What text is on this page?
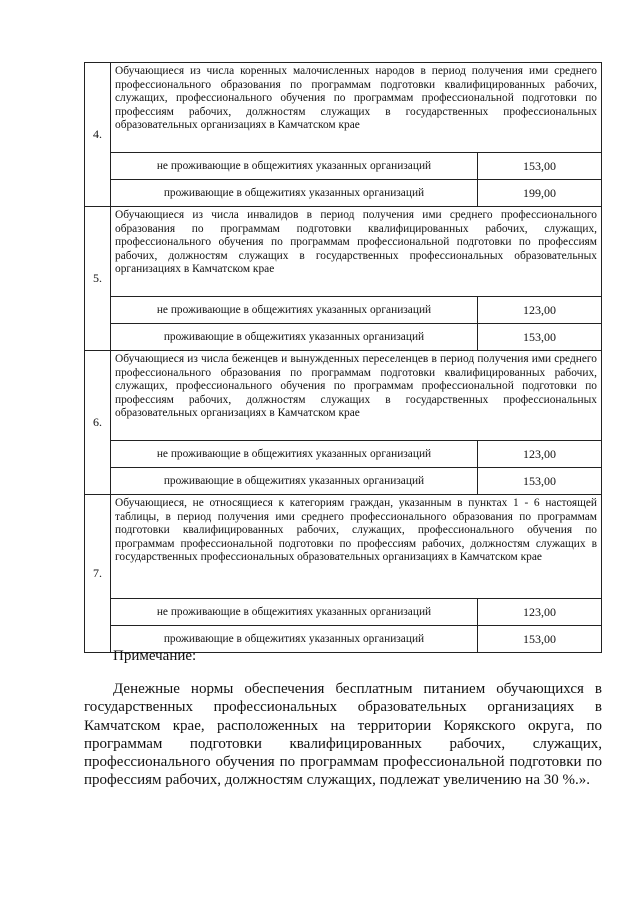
4.	Обучающиеся из числа коренных малочисленных народов в период получения ими среднего профессионального образования по программам подготовки квалифицированных рабочих, служащих, профессионального обучения по программам профессиональной подготовки по профессиям рабочих, должностям служащих в государственных профессиональных образовательных организациях в Камчатском крае	
	не проживающие в общежитиях указанных организаций	153,00
	проживающие в общежитиях указанных организаций	199,00
5.	Обучающиеся из числа инвалидов в период получения ими среднего профессионального образования по программам подготовки квалифицированных рабочих, служащих, профессионального обучения по программам профессиональной подготовки по профессиям рабочих, должностям служащих в государственных профессиональных образовательных организациях в Камчатском крае	
	не проживающие в общежитиях указанных организаций	123,00
	проживающие в общежитиях указанных организаций	153,00
6.	Обучающиеся из числа беженцев и вынужденных переселенцев в период получения ими среднего профессионального образования по программам подготовки квалифицированных рабочих, служащих, профессионального обучения по программам профессиональной подготовки по профессиям рабочих, должностям служащих в государственных профессиональных образовательных организациях в Камчатском крае	
	не проживающие в общежитиях указанных организаций	123,00
	проживающие в общежитиях указанных организаций	153,00
7.	Обучающиеся, не относящиеся к категориям граждан, указанным в пунктах 1 - 6 настоящей таблицы, в период получения ими среднего профессионального образования по программам подготовки квалифицированных рабочих, служащих, профессионального обучения по программам профессиональной подготовки по профессиям рабочих, должностям служащих в государственных профессиональных образовательных организациях в Камчатском крае	
	не проживающие в общежитиях указанных организаций	123,00
	проживающие в общежитиях указанных организаций	153,00
Примечание:
Денежные нормы обеспечения бесплатным питанием обучающихся в государственных профессиональных образовательных организациях в Камчатском крае, расположенных на территории Корякского округа, по программам подготовки квалифицированных рабочих, служащих, профессионального обучения по программам профессиональной подготовки по профессиям рабочих, должностям служащих, подлежат увеличению на 30 %.».
